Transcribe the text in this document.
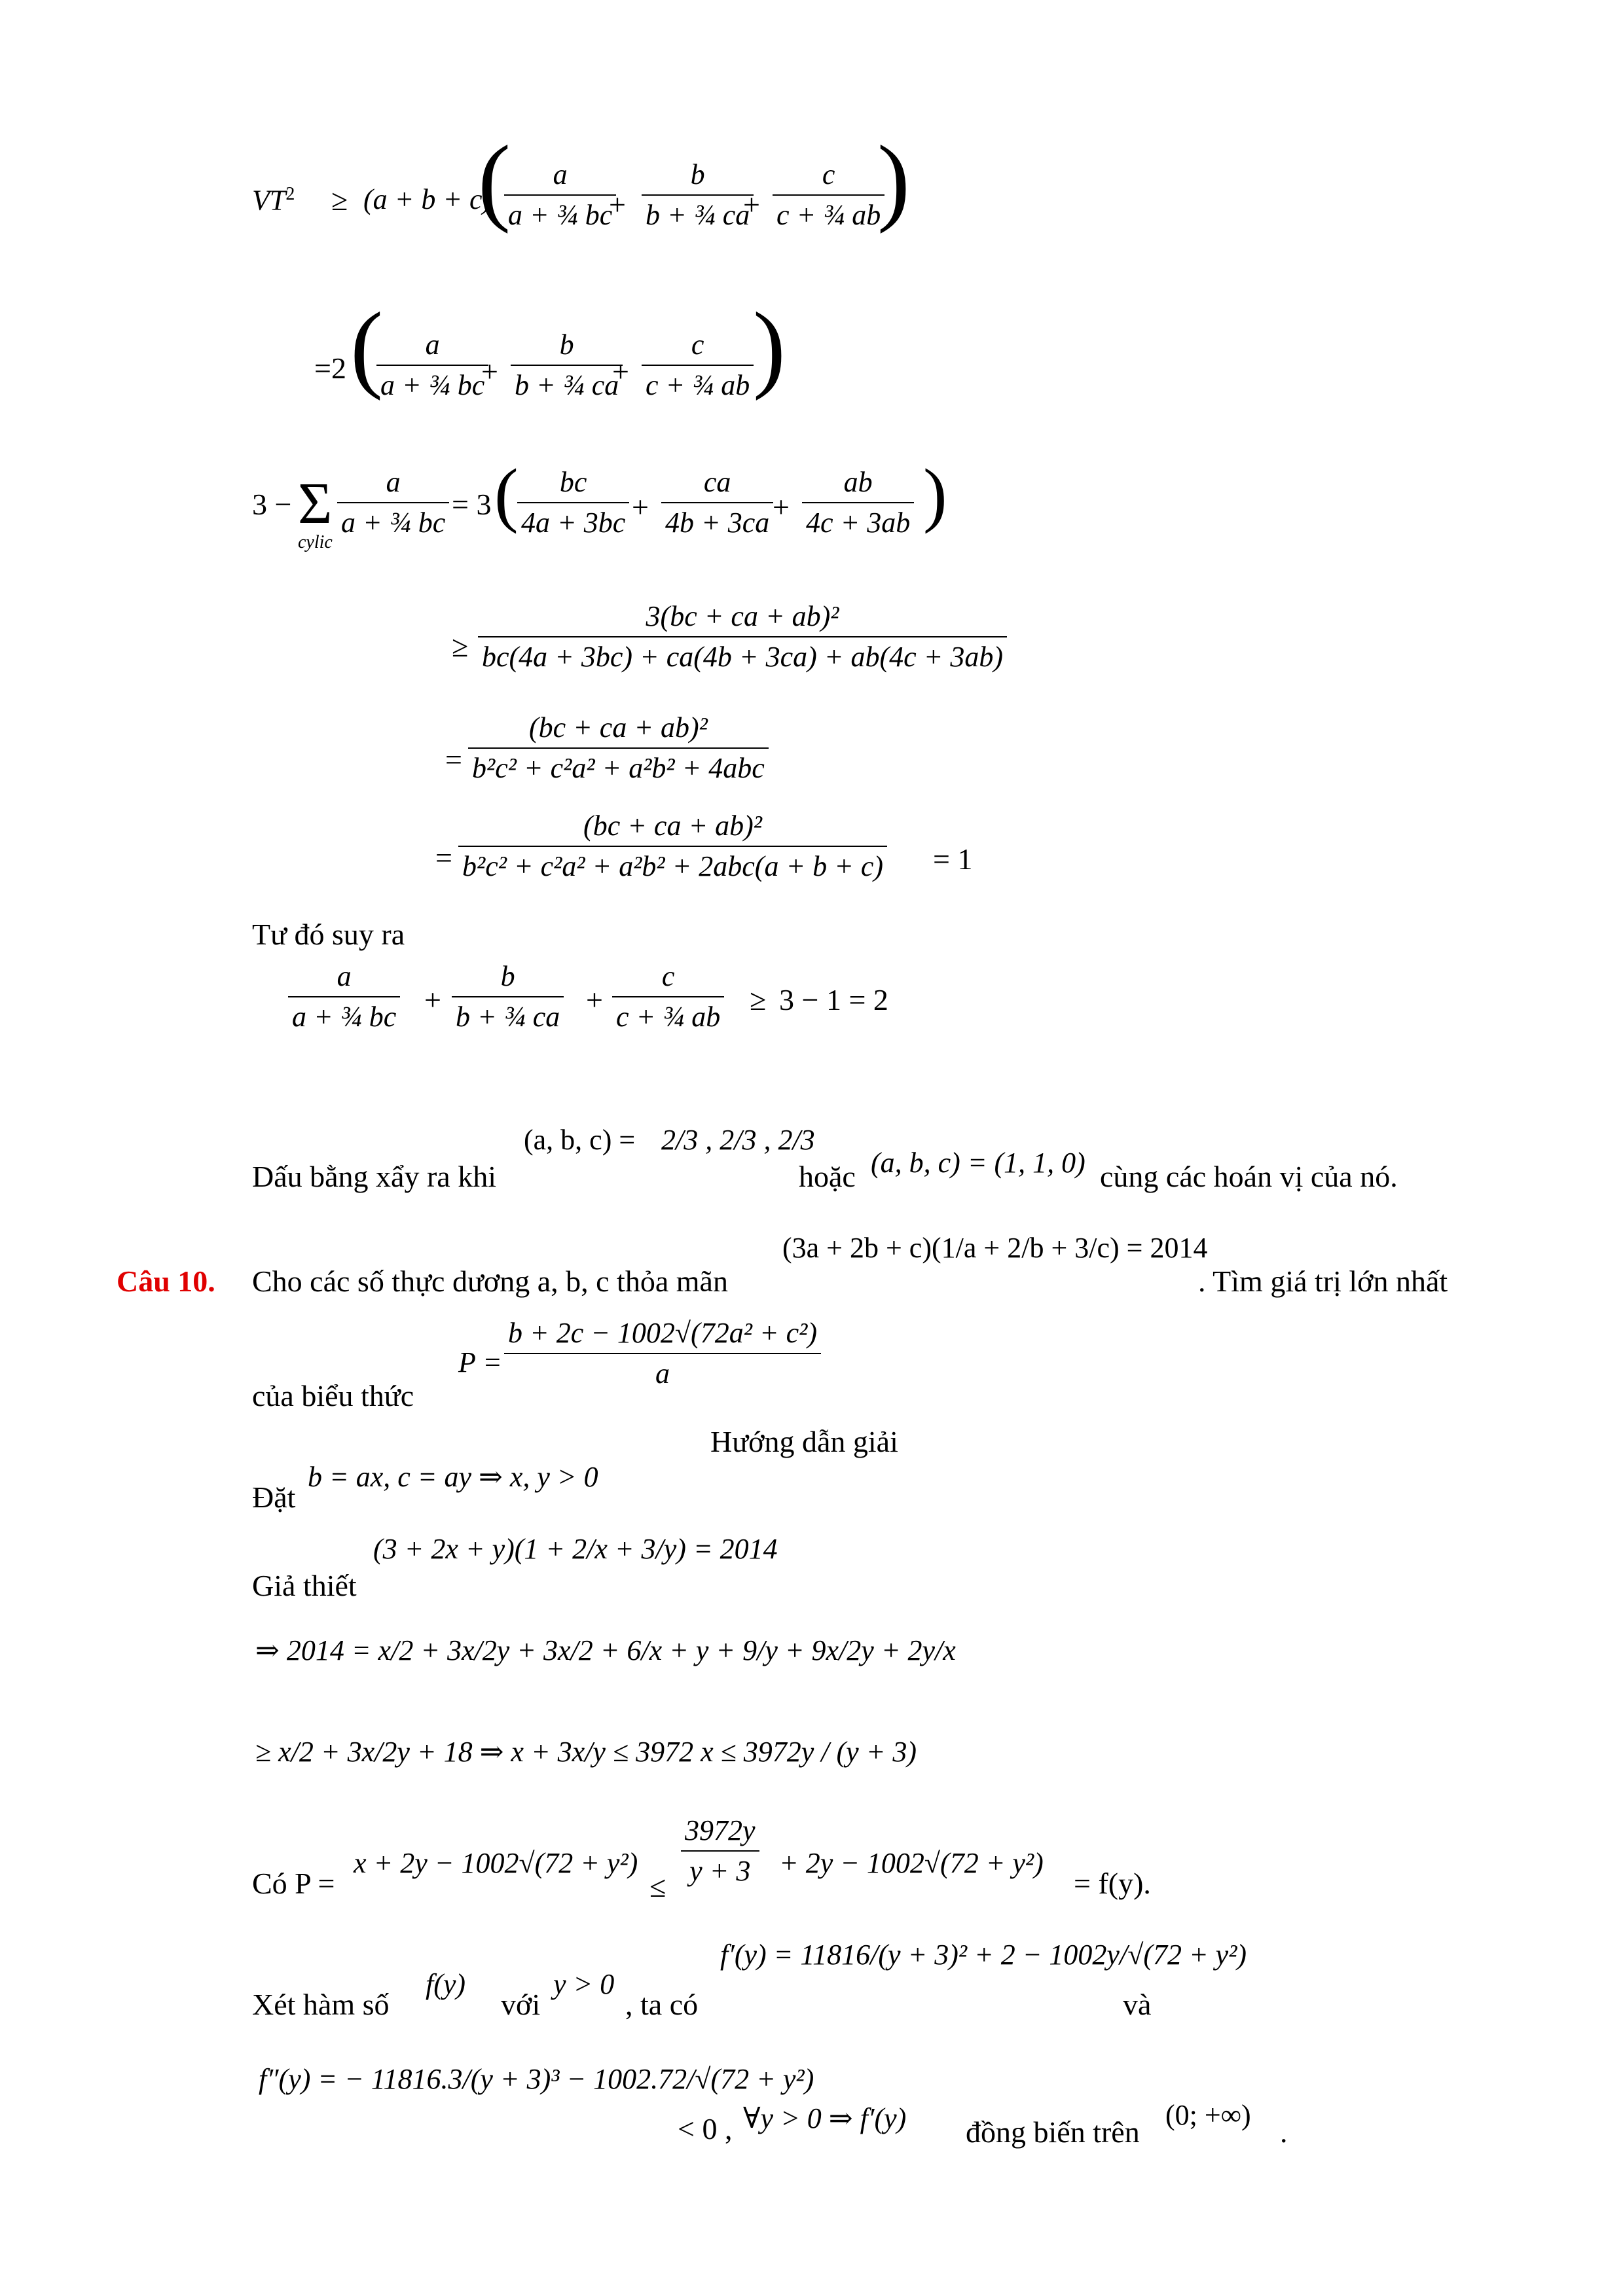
$VT^2 \ge (a + b + c)$
(
$\frac{a}{\text{a + ¾ bc}}$
+ $\frac{b}{\text{b + ¾ ca}}$
+ $\frac{c}{\text{c + ¾ ab}}$
)
=2 (
$\frac{a}{\text{a + ¾ bc}}$
+ $\frac{b}{\text{b + ¾ ca}}$
+ $\frac{c}{\text{c + ¾ ab}}$
)
3 − Σ
cylic
$\frac{a}{\text{a + ¾ bc}} = 3$ (
$\frac{bc}{4a + 3bc} + \frac{ca}{4b + 3ca}$
+ $\frac{ab}{4c + 3ab}$ )
≥ $\frac{\text{3(bc + ca + ab)²}}{bc(4a + 3bc) + ca(4b + 3ca) + ab(4c + 3ab)}$
=
(bc + ca + ab)²
b²c² + c²a² + a²b² + 4abc
=
(bc + ca + ab)²
b²c² + c²a² + a²b² + 2abc(a + b + c) = 1
Tư đó suy ra
$\frac{a}{\text{a + ¾ bc}} + \frac{b}{\text{b + ¾ ca}} + \frac{c}{\text{c + ¾ ab}} \ge 3 - 1 = 2$
(a, b, c) = 2/3 , 2/3 , 2/3
Dấu bằng xẩy ra khi	hoặc (a, b, c) = (1, 1, 0) cùng các hoán vị của nó.
(3a + 2b + c)(1/a + 2/b + 3/c) = 2014
Câu 10. Cho các số thực dương a, b, c thỏa mãn	. Tìm giá trị lớn nhất
$P = \frac{\text{b + 2c − 1002√(72a² + c²)}}{a}$
của biểu thức
Hướng dẫn giải
b = ax, c = ay ⇒ x, y > 0
Đặt
(3 + 2x + y)(1 + 2/x + 3/y) = 2014
Giả thiết
⇒ 2014 = x/2 + 3x/2y + 3x/2 + 6/x + y + 9/y + 9x/2y + 2y/x
≥ x/2 + 3x/2y + 18 ⇒ x + 3x/y ≤ 3972 x ≤ 3972y / (y + 3)
Có P =
x + 2y − 1002√(72 + y²)
≤
$\frac{3972y}{y + 3} + 2y - 1002√(72 + y^2)$
= f(y).
f′(y) = 11816/(y + 3)² + 2 − 1002y/√(72 + y²)
Xét hàm số
f(y)
với
y > 0
, ta có	và
f″(y) = − 11816.3/(y + 3)³ − 1002.72/√(72 + y²)
< 0 , ∀y > 0 ⇒ f′(y) đồng biến trên
(0; +∞)
.
